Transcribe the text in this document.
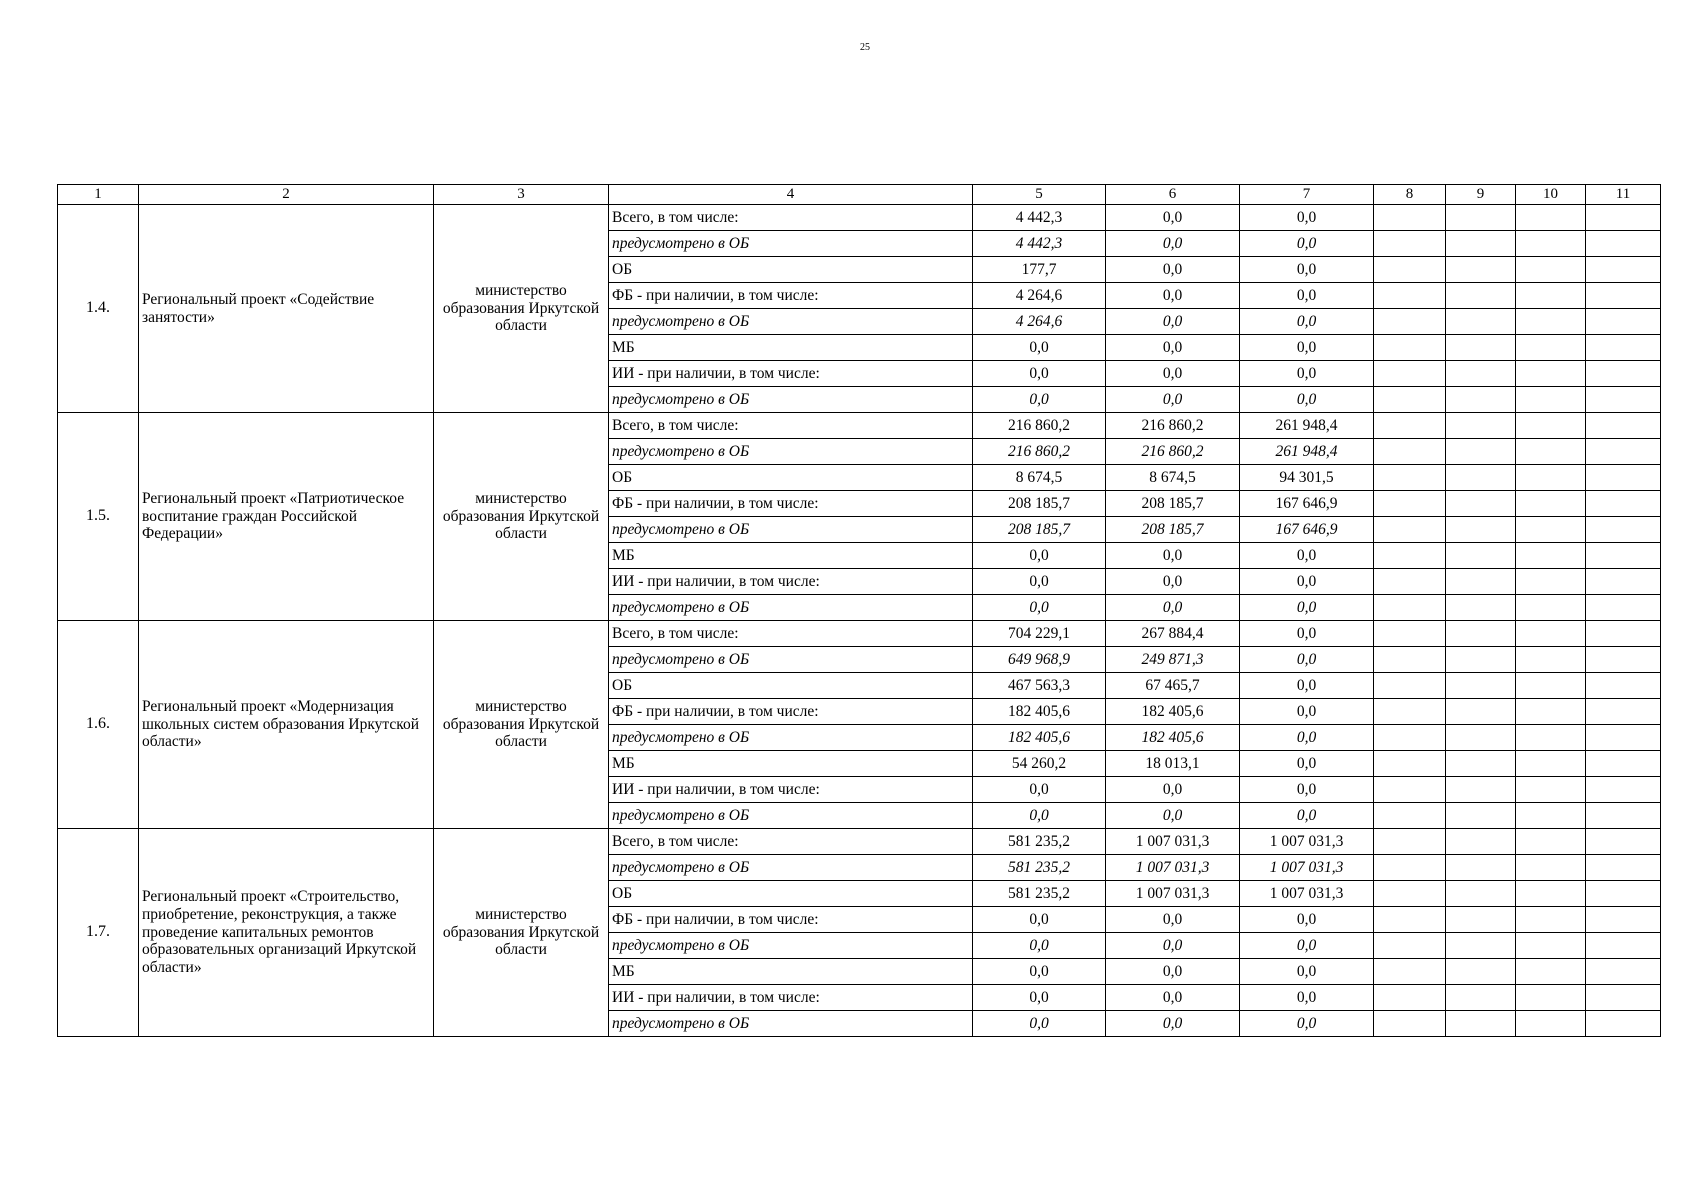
25
1	2	3	4	5	6	7	8	9	10	11
1.4.	Региональный проект «Содействие занятости»	министерство образования Иркутской области	Всего, в том числе:	4 442,3	0,0	0,0				
			предусмотрено в ОБ	4 442,3	0,0	0,0				
			ОБ	177,7	0,0	0,0				
			ФБ - при наличии, в том числе:	4 264,6	0,0	0,0				
			предусмотрено в ОБ	4 264,6	0,0	0,0				
			МБ	0,0	0,0	0,0				
			ИИ - при наличии, в том числе:	0,0	0,0	0,0				
			предусмотрено в ОБ	0,0	0,0	0,0				
1.5.	Региональный проект «Патриотическое воспитание граждан Российской Федерации»	министерство образования Иркутской области	Всего, в том числе:	216 860,2	216 860,2	261 948,4				
			предусмотрено в ОБ	216 860,2	216 860,2	261 948,4				
			ОБ	8 674,5	8 674,5	94 301,5				
			ФБ - при наличии, в том числе:	208 185,7	208 185,7	167 646,9				
			предусмотрено в ОБ	208 185,7	208 185,7	167 646,9				
			МБ	0,0	0,0	0,0				
			ИИ - при наличии, в том числе:	0,0	0,0	0,0				
			предусмотрено в ОБ	0,0	0,0	0,0				
1.6.	Региональный проект «Модернизация школьных систем образования Иркутской области»	министерство образования Иркутской области	Всего, в том числе:	704 229,1	267 884,4	0,0				
			предусмотрено в ОБ	649 968,9	249 871,3	0,0				
			ОБ	467 563,3	67 465,7	0,0				
			ФБ - при наличии, в том числе:	182 405,6	182 405,6	0,0				
			предусмотрено в ОБ	182 405,6	182 405,6	0,0				
			МБ	54 260,2	18 013,1	0,0				
			ИИ - при наличии, в том числе:	0,0	0,0	0,0				
			предусмотрено в ОБ	0,0	0,0	0,0				
1.7.	Региональный проект «Строительство, приобретение, реконструкция, а также проведение капитальных ремонтов образовательных организаций Иркутской области»	министерство образования Иркутской области	Всего, в том числе:	581 235,2	1 007 031,3	1 007 031,3				
			предусмотрено в ОБ	581 235,2	1 007 031,3	1 007 031,3				
			ОБ	581 235,2	1 007 031,3	1 007 031,3				
			ФБ - при наличии, в том числе:	0,0	0,0	0,0				
			предусмотрено в ОБ	0,0	0,0	0,0				
			МБ	0,0	0,0	0,0				
			ИИ - при наличии, в том числе:	0,0	0,0	0,0				
			предусмотрено в ОБ	0,0	0,0	0,0				
